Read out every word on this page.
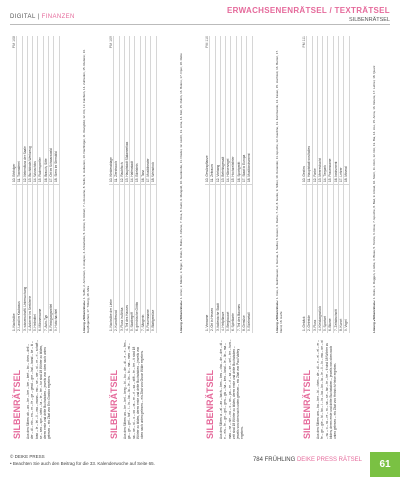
DIGITAL | FINANZEN
ERWACHSENENRÄTSEL / TEXTRÄTSEL
SILBENRÄTSEL
SILBENRÄTSEL
PM 108
Aus den Silben: ab – an – be – ber – ber – bert – bo – chen – dell – der – di – ein – en – er – fe – ge – gend – gre – hal – hand – ke – ki – kran – le – lei – li – ma – mann – mo – ne – ner – ni – re – ri – schaft – se – sen – spe – stein – ta – te – ter – tur sind 18 Wörter zu bilden, deren erste und dritte Buchstaben – jeweils von oben nach unten gelesen – ein Zitat von Eric Gordon ergeben.
1. Nachsilbe
10. Erbfolger
2. Land im Kaukasus
11. Tonmalerei
3. wissenschaftl. Untersuchung
12. Nebenfluss der Saale
4. Ankerrer im Seeklerrie
13. Buchbinde-Werkzeug
5. Heilmittel
14. Wunschlos
6. Männername
15. Rudersportler
7. Auto-Typ
16. Brauch, Sitte
8. Reinigungsmittel
17. Ort im Schwarzwald
9. Hutschachtel
18. Stern im Sternbild
Lösung »Silbenrätsel«: 1. Suffix, 2. Armenien, 3. Analyse, 4. Ankerkette, 5. Arznei, 6. Robert, 7. Limousine, 8. Seife, 9. Hutkarton, 10. Nachfolger, 11. Klangbild, 12. Ilm, 13. Falzbein, 14. Zufrieden, 15. Ruderer, 16. Gepflogenheit, 17. Triberg, 18. Mira
SILBENRÄTSEL
PM 109
Aus den Silben: an – be – bel – berg – bi – bu – de – di – e – e – fen – ga – ge – gel – hof – i – in – ka – la – le – lin – lo – ma – men – mi – na – ne – ni – o – on – ra – re – ri – sa – stift – te – ter – ti sind 18 Wörter zu bilden, deren erste und dritte Buchstaben – jeweils von oben nach unten gelesen – ein Zitat von Oscar Wilde ergeben.
1. Nachsilbe der Liebe
10. Kleiderablage
2. Kunstfreund
11. Zierstrauch
3. Fluss in Afrika
12. Raubfisch
4. Teil des Hauses
13. Hauptstadt Südamerikas
5. Skatbegriff
14. Hafenstadt
6. griechische Göttin
15. Edelstein
7. Sängerin
16. Tanz
8. Frauenname
17. Musiktheater
9. Blattgemüse
18. Weinstock
Lösung »Silbenrätsel«: 1. Amor, 2. Mäzen, 3. Niger, 4. Diele, 5. Bube, 6. Athene, 7. Diva, 8. Gabi, 9. Mangold, 10. Garderobe, 11. Flieder, 12. Hecht, 13. Lima, 14. Kiel, 15. Rubin, 16. Bolero, 17. Oper, 18. Rebe
SILBENRÄTSEL
PM 110
Aus den Silben: a – al – an – bach – ben – bes – cha – de – der – di – e – ein – fe – ge – gel – gen – gis – ha – ken – land – le – lin – ma – mas – ne – nie – no – o – on – pa – re – ri – sa – se – sel – ter – tum – zeit sind 18 Wörter zu bilden, deren erste und dritte Buchstaben – jeweils von oben nach unten gelesen – ein Zitat von Paul Valéry ergeben.
1. Vorname
10. Gewürzpflanze
2. Ort in Hessen
11. Zeitraum
3. italienische Stadt
12. Vorhang
4. Heilpflanze
13. Befehlsgewalt
5. Bergbauort
14. Hühnervogel
6. Spielkarte
15. Hochzeitsfeier
7. Teil des Baumes
16. Sportgerät
8. Gemüse
17. Staat in Europa
9. Edelmetall
18. Musikinstrument
Lösung »Silbenrätsel«: 1. Ines, 2. Gelnhausen, 3. Genua, 4. Salbei, 5. Essen, 6. Dame, 7. Ast, 8. Gurke, 9. Silber, 10. Koriander, 11. Epoche, 12. Gardine, 13. Kommando, 14. Fasan, 15. Hochzeit, 16. Barren, 17. Irland, 18. Harfe
SILBENRÄTSEL
PM 111
Aus den Silben: am – ba – ber – bi – chen – de – di – e – ei – el – er – fe – ge – gie – hi – ho – i – in – ka – ko – la – le – li – lo – ma – ne – ni – nu – o – ra – re – ro – sa – se – tar – te – ter – ti sind 18 Wörter zu bilden, deren erste und dritte Buchstaben – jeweils von oben nach unten gelesen – ein Zitat von Heinrich Heine ergeben.
1. Gebäck
10. Gestirn
2. Getreide
11. Hauptstadt von Italien
3. Fluss
12. Farbe
4. Kleidungsstück
13. Meeresbucht
5. Sportart
14. Tierpark
6. Blume
15. Frauenname
7. Zeitabschnitt
16. Instrument
8. Kurort
17. Lehrer
9. Vogel
18. Mineral
Lösung »Silbenrätsel«: 1. Keks, 2. Roggen, 3. Elbe, 4. Bluse, 5. Tennis, 6. Rose, 7. Epoche, 8. Bad, 9. Amsel, 10. Stern, 11. Rom, 12. Rot, 13. Bai, 14. Zoo, 15. Anna, 16. Gitarre, 17. Lehrer, 18. Quarz
© DEIKE PRESS
• Beachten Sie auch den Beitrag für die 33. Kalenderwoche auf Seite 65.
784 FRÜHLING DEIKE PRESS RÄTSEL	61
